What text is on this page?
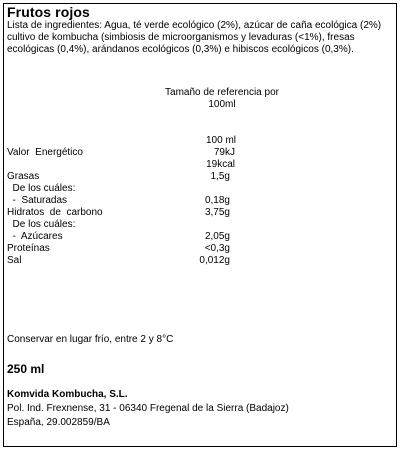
Frutos rojos
Lista de ingredientes: Agua, té verde ecológico (2%), azúcar de caña ecológica (2%) cultivo de kombucha (simbiosis de microorganismos y levaduras (<1%), fresas ecológicas (0,4%), arándanos ecológicos (0,3%) e hibiscos ecológicos (0,3%).
Tamaño de referencia por
100ml
100 ml
Valor  Energético	79kJ
19kcal
Grasas	1,5g
De los cuáles:
-  Saturadas	0,18g
Hidratos  de  carbono	3,75g
De los cuáles:
-  Azúcares	2,05g
Proteínas	<0,3g
Sal	0,012g
Conservar en lugar frío, entre 2 y 8°C
250 ml
Komvida Kombucha, S.L.
Pol. Ind. Frexnense, 31 - 06340 Fregenal de la Sierra (Badajoz)
España, 29.002859/BA
